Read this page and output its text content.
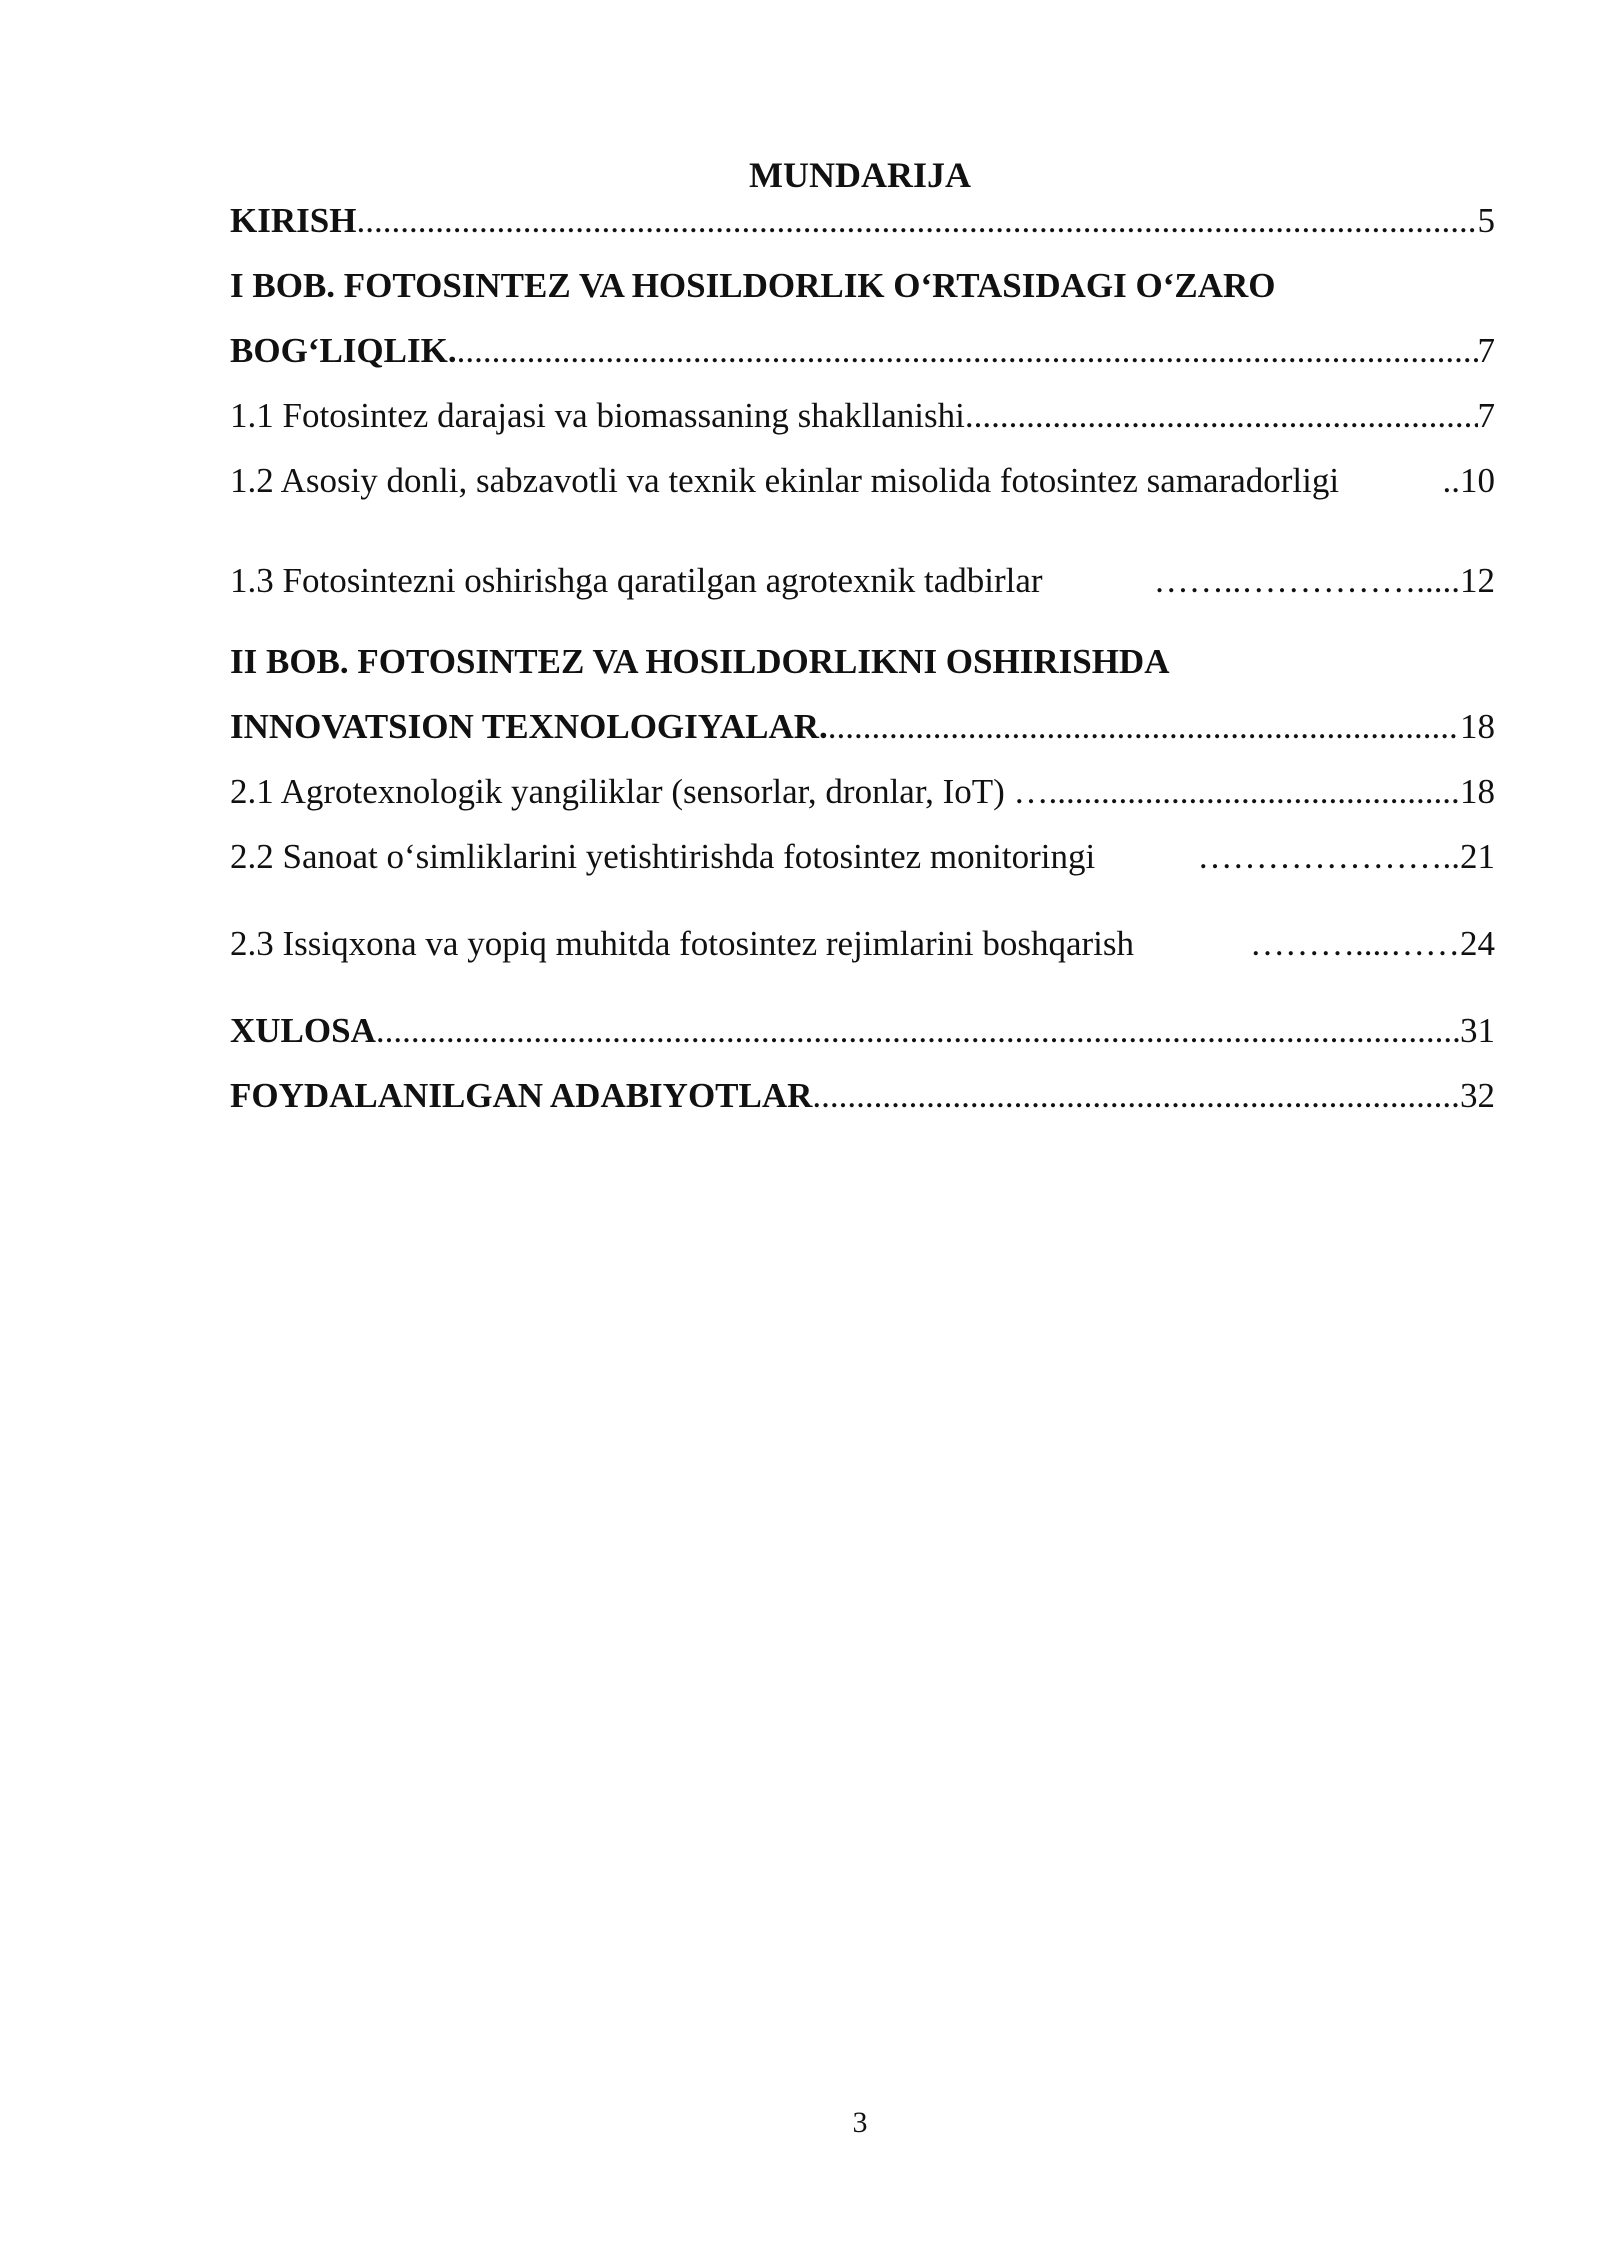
MUNDARIJA
KIRISH .....	5
I BOB. FOTOSINTEZ VA HOSILDORLIK O‘RTASIDAGI O‘ZARO
BOG‘LIQLIK. .....	7
1.1 Fotosintez darajasi va biomassaning shakllanishi .....	7
1.2 Asosiy donli, sabzavotli va texnik ekinlar misolida fotosintez samaradorligi	.. 10
1.3 Fotosintezni oshirishga qaratilgan agrotexnik tadbirlar	……..……………..... 12
II BOB. FOTOSINTEZ VA HOSILDORLIKNI OSHIRISHDA
INNOVATSION TEXNOLOGIYALAR. .....	18
2.1 Agrotexnologik yangiliklar (sensorlar, dronlar, IoT) …. .....	18
2.2 Sanoat o‘simliklarini yetishtirishda fotosintez monitoringi	………………….. 21
2.3 Issiqxona va yopiq muhitda fotosintez rejimlarini boshqarish	………....…… 24
XULOSA .....	31
FOYDALANILGAN ADABIYOTLAR .....	32
3
